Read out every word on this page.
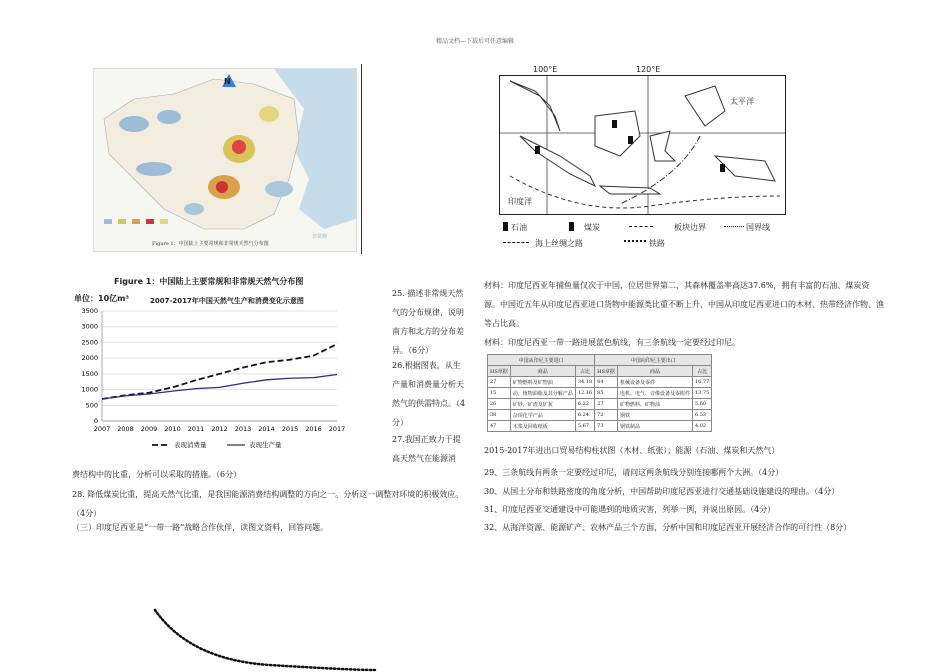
精品文档---下载后可任意编辑
N
Figure 1：中国陆上主要常规和非常规天然气分布图
非常规
Figure 1：中国陆上主要常规和非常规天然气分布图
单位：10亿m³	2007-2017年中国天然气生产和消费变化示意图
0
500
1000
1500
2000
2500
3000
3500
2007 2008 2009 2010 2011 2012 2013 2014 2015 2016 2017
表现消费量	表现生产量
25. 描述非常规天然气的分布规律，说明南方和北方的分布差异。（6分）
26.根据图表，从生产量和消费量分析天然气的供需特点。（4分）
27.我国正致力于提高天然气在能源消
费结构中的比重，分析可以采取的措施。（6分）
28. 降低煤炭比重，提高天然气比重，是我国能源消费结构调整的方向之一。分析这一调整对环境的积极效应。（4分）
（三）印度尼西亚是“一带一路”战略合作伙伴，读图文资料，回答问题。
太平洋
印度洋
100°E	120°E
石油	煤炭	板块边界	国界线
海上丝绸之路	铁路
材料：印度尼西亚年捕鱼量仅次于中国，位居世界第二，其森林覆盖率高达37.6%，拥有丰富的石油、煤炭资源。中国近五年从印度尼西亚进口货物中能源类比重不断上升，中国从印度尼西亚进口的木材、热带经济作物、渔等占比高。
材料：印度尼西亚一带一路进展蓝色航线，有三条航线一定要经过印尼。
中国从印尼主要进口			中国向印尼主要出口		
HS章据	商品	占比	HS章据	商品	占比
27	矿物燃料及矿物油	34.18	84	机械设备及零件	16.77
15	动、植物油脂及其分解产品	12.16	85	电机、电气、音像设备及零附件	13.75
26	矿砂、矿渣及矿灰	6.22	27	矿物燃料、矿物油	5.60
38	杂项化学产品	6.24	72	钢铁	6.53
47	木浆及回收纸板	5.67	73	钢铁制品	4.02
2015-2017年进出口贸易结构柱状图（木材、纸张）；能源（石油、煤炭和天然气）
29、三条航线有两条一定要经过印尼，请问这两条航线分别连接哪两个大洲。（4分）
30、从国土分布和铁路密度的角度分析，中国帮助印度尼西亚进行交通基础设施建设的理由。（4分）
31、印度尼西亚交通建设中可能遇到的地质灾害，列举一例，并说出原因。（4分）
32、从海洋资源、能源矿产、农林产品三个方面，分析中国和印度尼西亚开展经济合作的可行性（8分）
